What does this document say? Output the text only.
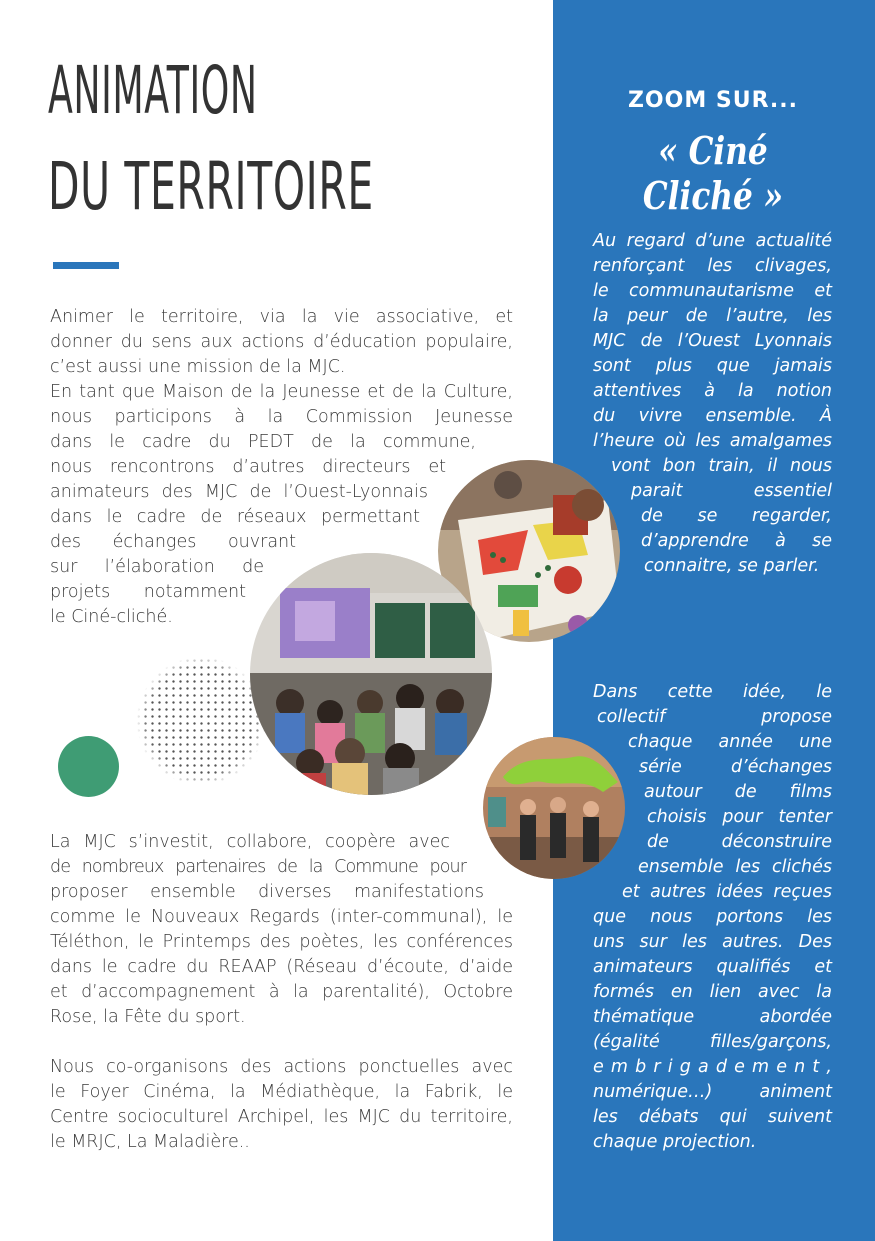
ANIMATION
DU TERRITOIRE
Animer le territoire, via la vie associative, et
donner du sens aux actions d’éducation populaire,
c’est aussi une mission de la MJC.
En tant que Maison de la Jeunesse et de la Culture,
nous participons à la Commission Jeunesse
dans le cadre du PEDT de la commune,
nous rencontrons d’autres directeurs et
animateurs des MJC de l’Ouest-Lyonnais
dans le cadre de réseaux permettant
des échanges ouvrant
sur l’élaboration de
projets notamment
le Ciné-cliché.
La MJC s’investit, collabore, coopère avec
de nombreux partenaires de la Commune pour
proposer ensemble diverses manifestations
comme le Nouveaux Regards (inter-communal), le
Téléthon, le Printemps des poètes, les conférences
dans le cadre du REAAP (Réseau d’écoute, d’aide
et d’accompagnement à la parentalité), Octobre
Rose, la Fête du sport.
Nous co-organisons des actions ponctuelles avec
le Foyer Cinéma, la Médiathèque, la Fabrik, le
Centre socioculturel Archipel, les MJC du territoire,
le MRJC, La Maladière..
ZOOM SUR...
« Ciné Cliché »
Au regard d’une actualité
renforçant les clivages,
le communautarisme et
la peur de l’autre, les
MJC de l’Ouest Lyonnais
sont plus que jamais
attentives à la notion
du vivre ensemble. À
l’heure où les amalgames
vont bon train, il nous
parait essentiel
de se regarder,
d’apprendre à se
connaitre, se parler.
Dans cette idée, le
collectif propose
chaque année une
série d’échanges
autour de films
choisis pour tenter
de déconstruire
ensemble les clichés
et autres idées reçues
que nous portons les
uns sur les autres. Des
animateurs qualifiés et
formés en lien avec la
thématique abordée
(égalité filles/garçons,
e m b r i g a d e m e n t ,
numérique…) animent
les débats qui suivent
chaque projection.
